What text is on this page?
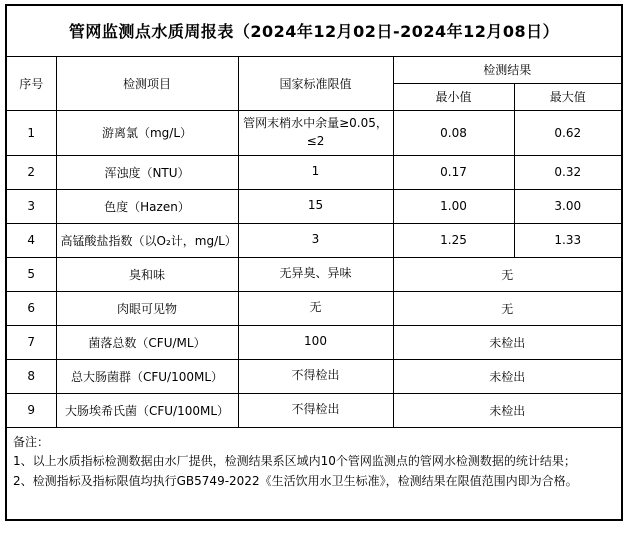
管网监测点水质周报表（2024年12月02日-2024年12月08日）				
序号	检测项目	国家标准限值	检测结果	
			最小值	最大值
1	游离氯（mg/L）	管网末梢水中余量≥0.05，≤2	0.08	0.62
2	浑浊度（NTU）	1	0.17	0.32
3	色度（Hazen）	15	1.00	3.00
4	高锰酸盐指数（以O₂计，mg/L）	3	1.25	1.33
5	臭和味	无异臭、异味	无	
6	肉眼可见物	无	无	
7	菌落总数（CFU/ML）	100	未检出	
8	总大肠菌群（CFU/100ML）	不得检出	未检出	
9	大肠埃希氏菌（CFU/100ML）	不得检出	未检出	

备注：
1、以上水质指标检测数据由水厂提供，检测结果系区域内10个管网监测点的管网水检测数据的统计结果；
2、检测指标及指标限值均执行GB5749-2022《生活饮用水卫生标准》，检测结果在限值范围内即为合格。				
